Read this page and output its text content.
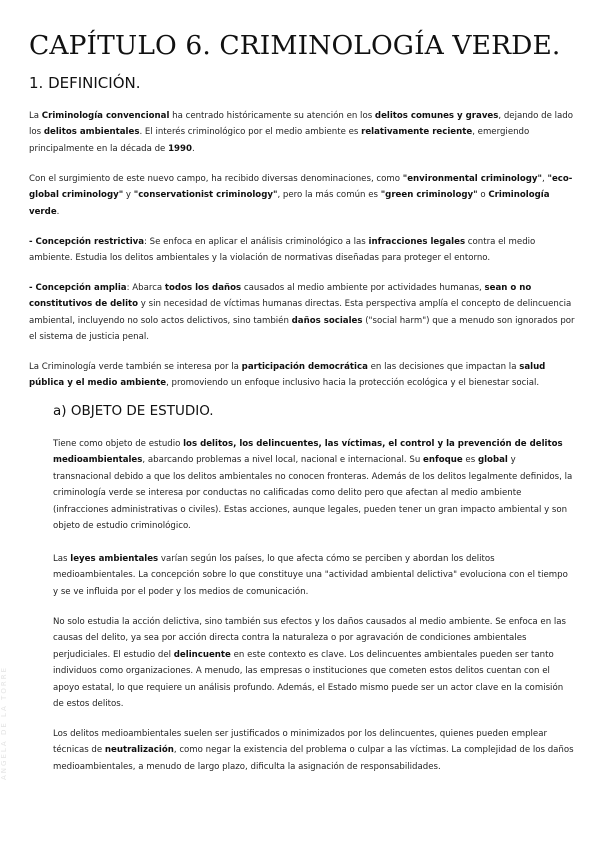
CAPÍTULO 6. CRIMINOLOGÍA VERDE.
1. DEFINICIÓN.

La Criminología convencional ha centrado históricamente su atención en los delitos comunes y graves, dejando de lado los delitos ambientales. El interés criminológico por el medio ambiente es relativamente reciente, emergiendo principalmente en la década de 1990.

Con el surgimiento de este nuevo campo, ha recibido diversas denominaciones, como "environmental criminology", "eco-global criminology" y "conservationist criminology", pero la más común es "green criminology" o Criminología verde.

- Concepción restrictiva: Se enfoca en aplicar el análisis criminológico a las infracciones legales contra el medio ambiente. Estudia los delitos ambientales y la violación de normativas diseñadas para proteger el entorno.

- Concepción amplia: Abarca todos los daños causados al medio ambiente por actividades humanas, sean o no constitutivos de delito y sin necesidad de víctimas humanas directas. Esta perspectiva amplía el concepto de delincuencia ambiental, incluyendo no solo actos delictivos, sino también daños sociales ("social harm") que a menudo son ignorados por el sistema de justicia penal.

La Criminología verde también se interesa por la participación democrática en las decisiones que impactan la salud pública y el medio ambiente, promoviendo un enfoque inclusivo hacia la protección ecológica y el bienestar social.

a) OBJETO DE ESTUDIO.

Tiene como objeto de estudio los delitos, los delincuentes, las víctimas, el control y la prevención de delitos medioambientales, abarcando problemas a nivel local, nacional e internacional. Su enfoque es global y transnacional debido a que los delitos ambientales no conocen fronteras. Además de los delitos legalmente definidos, la criminología verde se interesa por conductas no calificadas como delito pero que afectan al medio ambiente (infracciones administrativas o civiles). Estas acciones, aunque legales, pueden tener un gran impacto ambiental y son objeto de estudio criminológico.

Las leyes ambientales varían según los países, lo que afecta cómo se perciben y abordan los delitos medioambientales. La concepción sobre lo que constituye una "actividad ambiental delictiva" evoluciona con el tiempo y se ve influida por el poder y los medios de comunicación.

No solo estudia la acción delictiva, sino también sus efectos y los daños causados al medio ambiente. Se enfoca en las causas del delito, ya sea por acción directa contra la naturaleza o por agravación de condiciones ambientales perjudiciales. El estudio del delincuente en este contexto es clave. Los delincuentes ambientales pueden ser tanto individuos como organizaciones. A menudo, las empresas o instituciones que cometen estos delitos cuentan con el apoyo estatal, lo que requiere un análisis profundo. Además, el Estado mismo puede ser un actor clave en la comisión de estos delitos.

Los delitos medioambientales suelen ser justificados o minimizados por los delincuentes, quienes pueden emplear técnicas de neutralización, como negar la existencia del problema o culpar a las víctimas. La complejidad de los daños medioambientales, a menudo de largo plazo, dificulta la asignación de responsabilidades.

ANGELA DE LA TORRE
